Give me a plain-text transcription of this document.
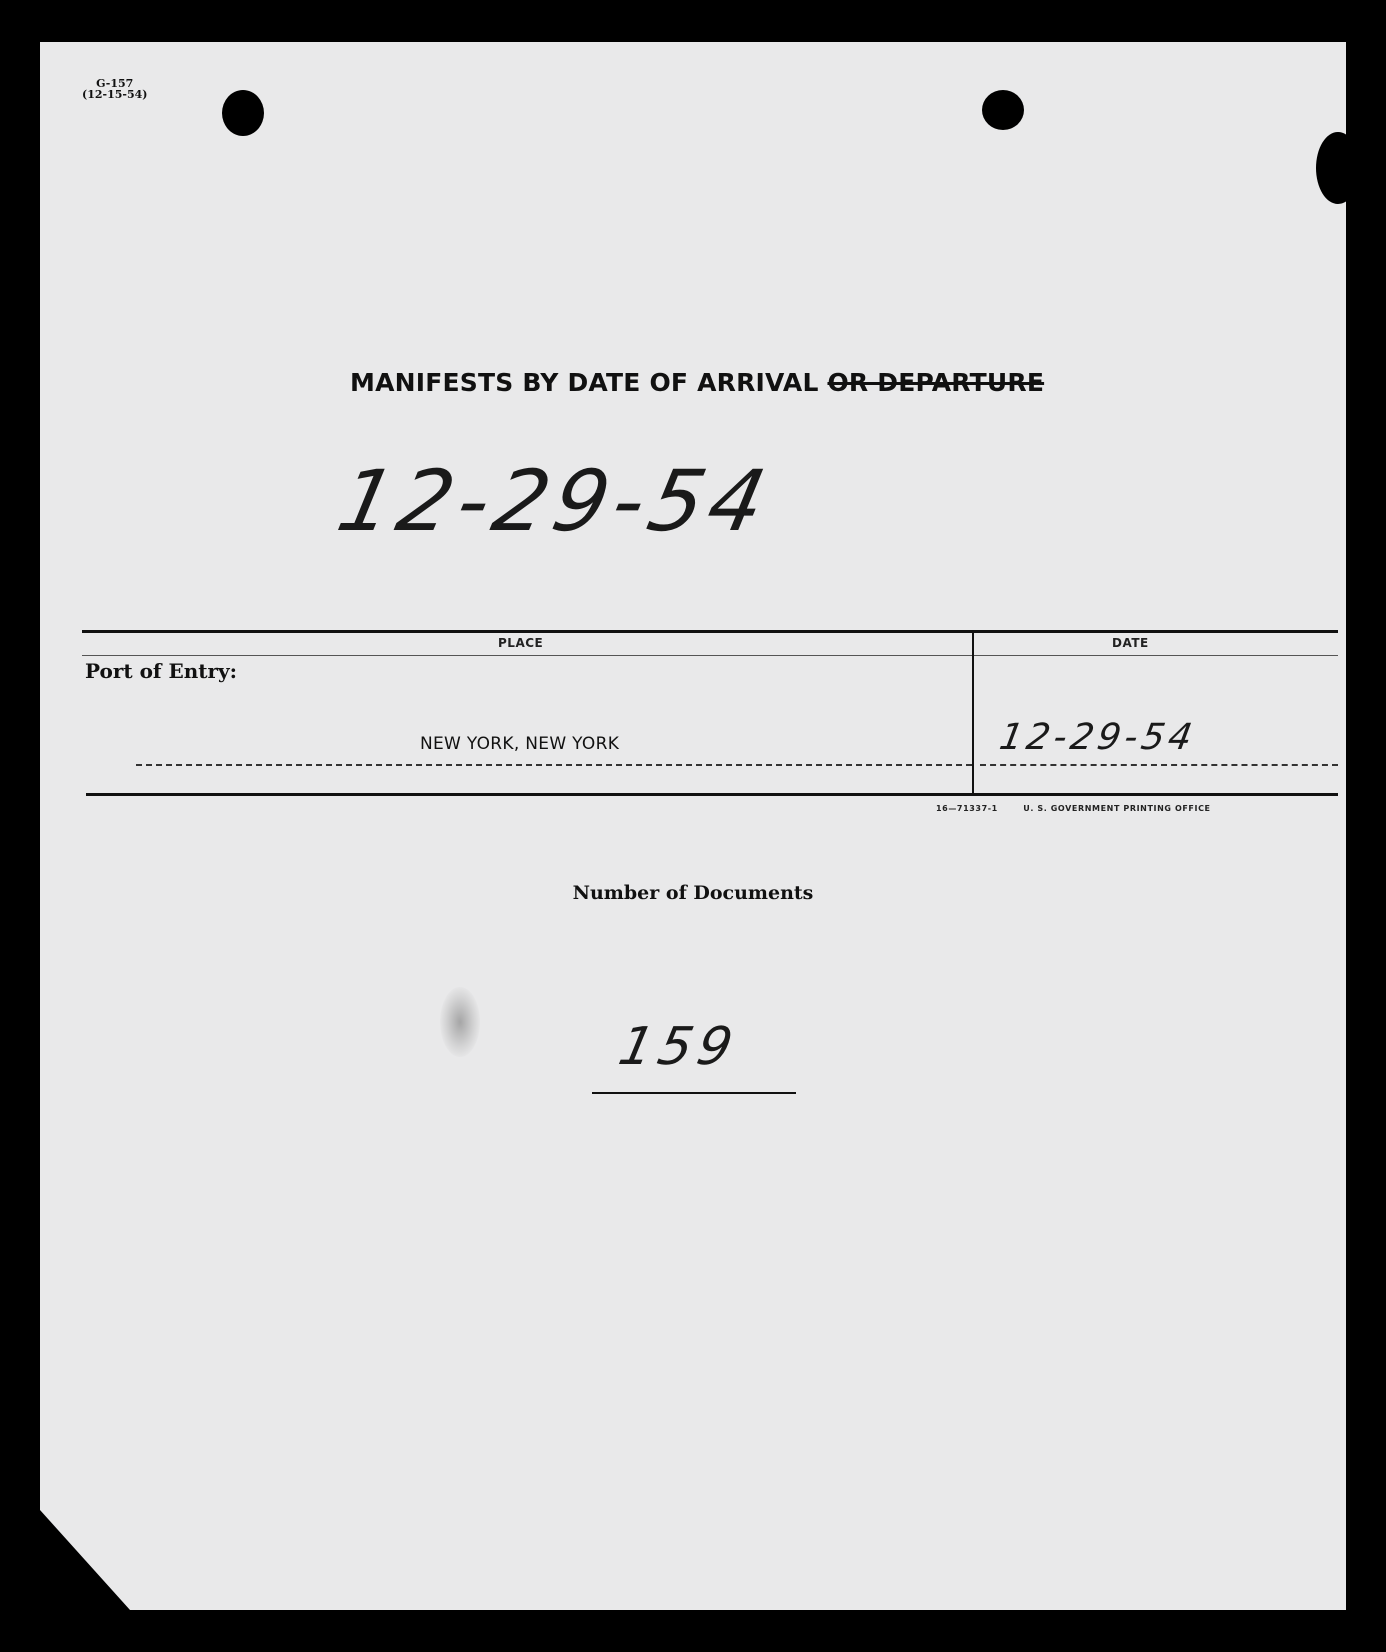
G-157
(12-15-54)
MANIFESTS BY DATE OF ARRIVAL OR DEPARTURE
12-29-54
PLACE	DATE
Port of Entry:
NEW YORK, NEW YORK	12-29-54
16—71337-1	U. S. GOVERNMENT PRINTING OFFICE
Number of Documents
159
